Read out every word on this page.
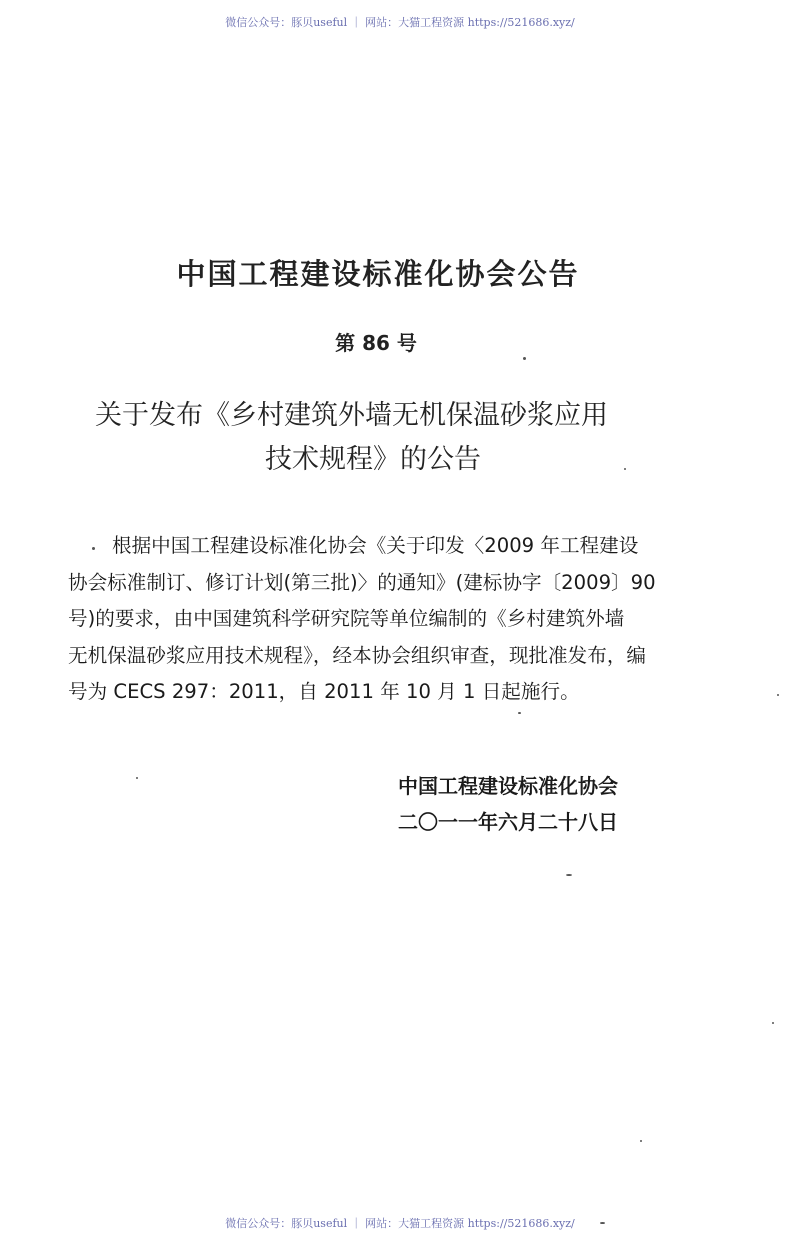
微信公众号：豚贝useful ｜ 网站：大猫工程资源 https://521686.xyz/
中国工程建设标准化协会公告
第 86 号
关于发布《乡村建筑外墙无机保温砂浆应用
技术规程》的公告
根据中国工程建设标准化协会《关于印发〈2009 年工程建设
协会标准制订、修订计划(第三批)〉的通知》(建标协字〔2009〕90
号)的要求，由中国建筑科学研究院等单位编制的《乡村建筑外墙
无机保温砂浆应用技术规程》，经本协会组织审查，现批准发布，编
号为 CECS 297：2011，自 2011 年 10 月 1 日起施行。
中国工程建设标准化协会
二〇一一年六月二十八日
微信公众号：豚贝useful ｜ 网站：大猫工程资源 https://521686.xyz/
